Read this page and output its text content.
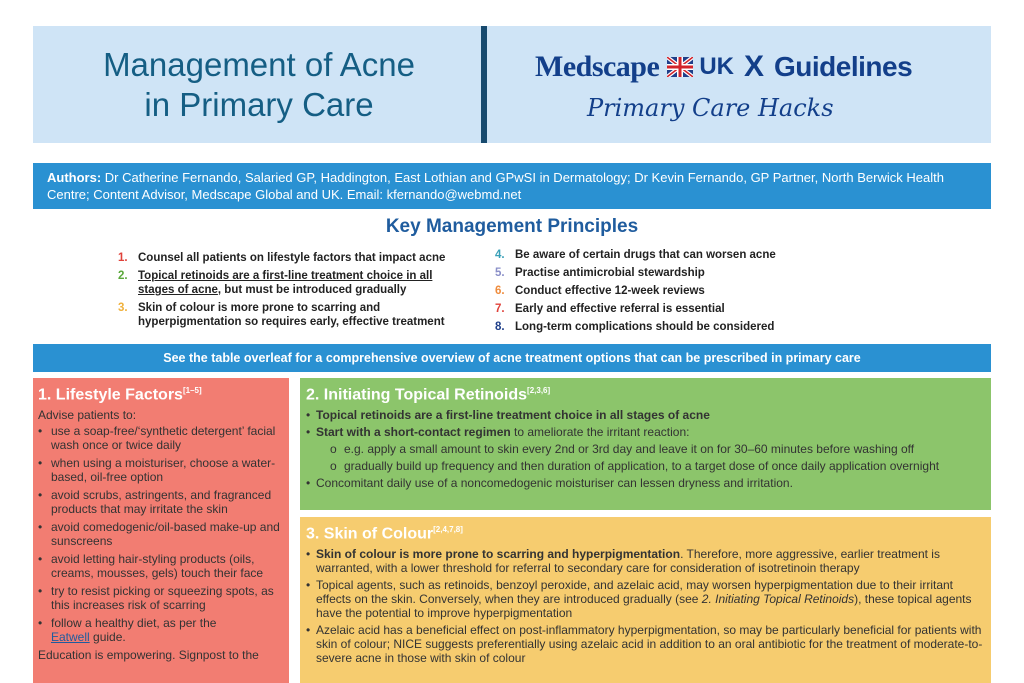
Management of Acne
in Primary Care
Medscape UK X Guidelines
Primary Care Hacks
Authors: Dr Catherine Fernando, Salaried GP, Haddington, East Lothian and GPwSI in Dermatology; Dr Kevin Fernando, GP Partner, North Berwick Health Centre; Content Advisor, Medscape Global and UK. Email: kfernando@webmd.net
Key Management Principles
1. Counsel all patients on lifestyle factors that impact acne
2. Topical retinoids are a first-line treatment choice in all stages of acne, but must be introduced gradually
3. Skin of colour is more prone to scarring and hyperpigmentation so requires early, effective treatment
4. Be aware of certain drugs that can worsen acne
5. Practise antimicrobial stewardship
6. Conduct effective 12-week reviews
7. Early and effective referral is essential
8. Long-term complications should be considered
See the table overleaf for a comprehensive overview of acne treatment options that can be prescribed in primary care
1. Lifestyle Factors[1–5]
Advise patients to:
• use a soap-free/‘synthetic detergent’ facial wash once or twice daily
• when using a moisturiser, choose a water-based, oil-free option
• avoid scrubs, astringents, and fragranced products that may irritate the skin
• avoid comedogenic/oil-based make-up and sunscreens
• avoid letting hair-styling products (oils, creams, mousses, gels) touch their face
• try to resist picking or squeezing spots, as this increases risk of scarring
• follow a healthy diet, as per the
Eatwell guide.
Education is empowering. Signpost to the
2. Initiating Topical Retinoids[2,3,6]
• Topical retinoids are a first-line treatment choice in all stages of acne
• Start with a short-contact regimen to ameliorate the irritant reaction:
o e.g. apply a small amount to skin every 2nd or 3rd day and leave it on for 30–60 minutes before washing off
o gradually build up frequency and then duration of application, to a target dose of once daily application overnight
• Concomitant daily use of a noncomedogenic moisturiser can lessen dryness and irritation.
3. Skin of Colour[2,4,7,8]
• Skin of colour is more prone to scarring and hyperpigmentation. Therefore, more aggressive, earlier treatment is warranted, with a lower threshold for referral to secondary care for consideration of isotretinoin therapy
• Topical agents, such as retinoids, benzoyl peroxide, and azelaic acid, may worsen hyperpigmentation due to their irritant effects on the skin. Conversely, when they are introduced gradually (see 2. Initiating Topical Retinoids), these topical agents have the potential to improve hyperpigmentation
• Azelaic acid has a beneficial effect on post-inflammatory hyperpigmentation, so may be particularly beneficial for patients with skin of colour; NICE suggests preferentially using azelaic acid in addition to an oral antibiotic for the treatment of moderate-to-severe acne in those with skin of colour
